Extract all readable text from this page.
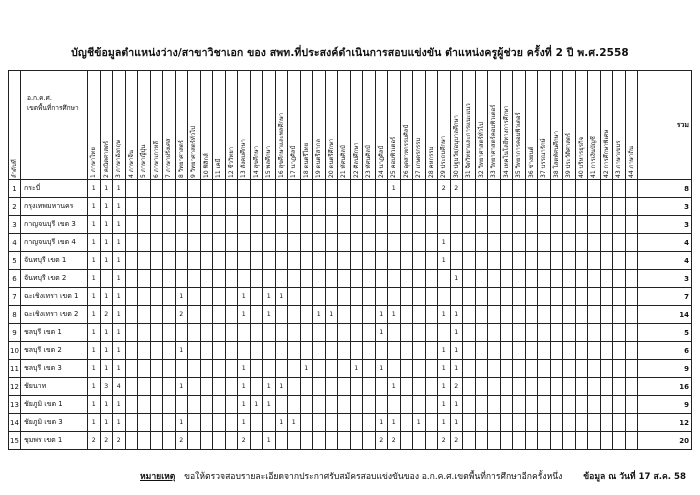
บัญชีข้อมูลตำแหน่งว่าง/สาขาวิชาเอก ของ สพท.ที่ประสงค์ดำเนินการสอบแข่งขัน ตำแหน่งครูผู้ช่วย ครั้งที่ 2 ปี พ.ศ.2558
ลำดับที่	อ.ก.ค.ศ.
เขตพื้นที่การศึกษา	1 ภาษาไทย	2 คณิตศาสตร์	3 ภาษาอังกฤษ	4 ภาษาจีน	5 ภาษาญี่ปุ่น	6 ภาษาเกาหลี	7 ภาษาฝรั่งเศส	8 วิทยาศาสตร์	9 วิทยาศาสตร์ทั่วไป	10 ฟิสิกส์	11 เคมี	12 ชีววิทยา	13 สังคมศึกษา	14 สุขศึกษา	15 พลศึกษา	16 สุขศึกษาและพลศึกษา	17 นาฏศิลป์	18 ดนตรีไทย	19 ดนตรีสากล	20 ดนตรีศึกษา	21 ทัศนศิลป์	22 ศิลปศึกษา	23 ทัศนศิลป์	24 นาฏศิลป์	25 คอมพิวเตอร์	26 อุตสาหกรรมศิลป์	27 เกษตรกรรม	28 คหกรรม	29 ประถมศึกษา	30 ปฐมวัย/อนุบาลศึกษา	31 จิตวิทยาและการแนะแนว	32 วิทยาศาสตร์ทั่วไป	33 วิทยาศาสตร์คอมพิวเตอร์	34 เทคโนโลยีทางการศึกษา	35 วิทยาการคอมพิวเตอร์	36 ช่างยนต์	37 บรรณารักษ์	38 โสตทัศนศึกษา	39 ประวัติศาสตร์	40 บริหารธุรกิจ	41 การเงินบัญชี	42 การศึกษาพิเศษ	43 ภาษาเขมร	44 ภาษาถิ่น	รวม
1	กระบี่	1	1	1																						1				2	2															8
2	กรุงเทพมหานคร	1	1	1																																										3
3	กาญจนบุรี เขต 3	1	1	1																																										3
4	กาญจนบุรี เขต 4	1	1	1																										1																4
5	จันทบุรี เขต 1	1	1	1																										1																4
6	จันทบุรี เขต 2	1		1																											1															3
7	ฉะเชิงเทรา เขต 1	1	1	1					1					1		1	1																													7
8	ฉะเชิงเทรา เขต 2	1	2	1					2					1		1				1	1				1	1				1	1															14
9	ชลบุรี เขต 1	1	1	1																					1						1															5
10	ชลบุรี เขต 2	1	1	1					1																					1	1															6
11	ชลบุรี เขต 3	1	1	1										1					1				1		1					1	1															9
12	ชัยนาท	1	3	4					1					1		1	1									1				1	2															16
13	ชัยภูมิ เขต 1	1	1	1										1	1	1														1	1															9
14	ชัยภูมิ เขต 3	1	1	1					1					1			1	1							1	1		1		1	1															12
15	ชุมพร เขต 1	2	2	2					2					2		1									2	2				2	2															20
หมายเหตุ ขอให้ตรวจสอบรายละเอียดจากประกาศรับสมัครสอบแข่งขันของ อ.ก.ค.ศ.เขตพื้นที่การศึกษาอีกครั้งหนึ่ง ข้อมูล ณ วันที่ 17 ส.ค. 58
